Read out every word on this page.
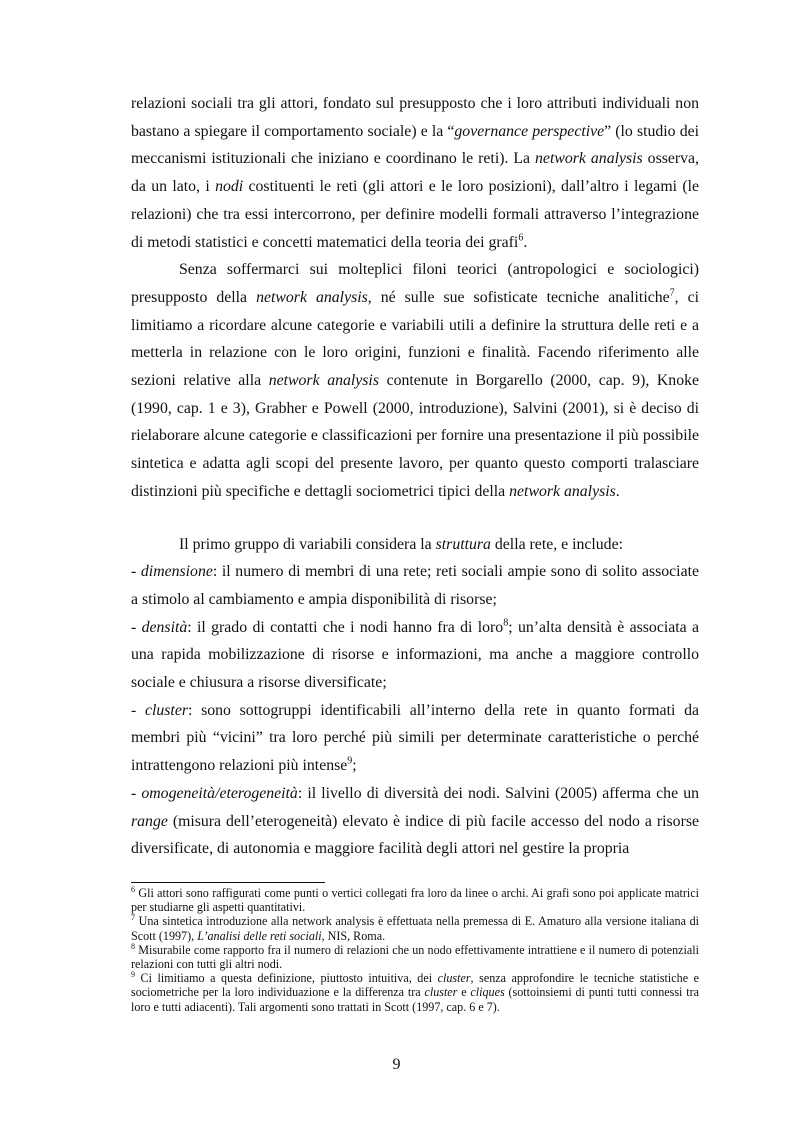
relazioni sociali tra gli attori, fondato sul presupposto che i loro attributi individuali non bastano a spiegare il comportamento sociale) e la “governance perspective” (lo studio dei meccanismi istituzionali che iniziano e coordinano le reti). La network analysis osserva, da un lato, i nodi costituenti le reti (gli attori e le loro posizioni), dall’altro i legami (le relazioni) che tra essi intercorrono, per definire modelli formali attraverso l’integrazione di metodi statistici e concetti matematici della teoria dei grafi$^6$.

Senza soffermarci sui molteplici filoni teorici (antropologici e sociologici) presupposto della network analysis, né sulle sue sofisticate tecniche analitiche$^7$, ci limitiamo a ricordare alcune categorie e variabili utili a definire la struttura delle reti e a metterla in relazione con le loro origini, funzioni e finalità. Facendo riferimento alle sezioni relative alla network analysis contenute in Borgarello (2000, cap. 9), Knoke (1990, cap. 1 e 3), Grabher e Powell (2000, introduzione), Salvini (2001), si è deciso di rielaborare alcune categorie e classificazioni per fornire una presentazione il più possibile sintetica e adatta agli scopi del presente lavoro, per quanto questo comporti tralasciare distinzioni più specifiche e dettagli sociometrici tipici della network analysis.

Il primo gruppo di variabili considera la struttura della rete, e include:

- dimensione: il numero di membri di una rete; reti sociali ampie sono di solito associate a stimolo al cambiamento e ampia disponibilità di risorse;

- densità: il grado di contatti che i nodi hanno fra di loro$^8$; un’alta densità è associata a una rapida mobilizzazione di risorse e informazioni, ma anche a maggiore controllo sociale e chiusura a risorse diversificate;

- cluster: sono sottogruppi identificabili all’interno della rete in quanto formati da membri più “vicini” tra loro perché più simili per determinate caratteristiche o perché intrattengono relazioni più intense$^9$;

- omogeneità/eterogeneità: il livello di diversità dei nodi. Salvini (2005) afferma che un range (misura dell’eterogeneità) elevato è indice di più facile accesso del nodo a risorse diversificate, di autonomia e maggiore facilità degli attori nel gestire la propria

$^6$ Gli attori sono raffigurati come punti o vertici collegati fra loro da linee o archi. Ai grafi sono poi applicate matrici per studiarne gli aspetti quantitativi.

$^7$ Una sintetica introduzione alla network analysis è effettuata nella premessa di E. Amaturo alla versione italiana di Scott (1997), L’analisi delle reti sociali, NIS, Roma.

$^8$ Misurabile come rapporto fra il numero di relazioni che un nodo effettivamente intrattiene e il numero di potenziali relazioni con tutti gli altri nodi.

$^9$ Ci limitiamo a questa definizione, piuttosto intuitiva, dei cluster, senza approfondire le tecniche statistiche e sociometriche per la loro individuazione e la differenza tra cluster e cliques (sottoinsiemi di punti tutti connessi tra loro e tutti adiacenti). Tali argomenti sono trattati in Scott (1997, cap. 6 e 7).

9
